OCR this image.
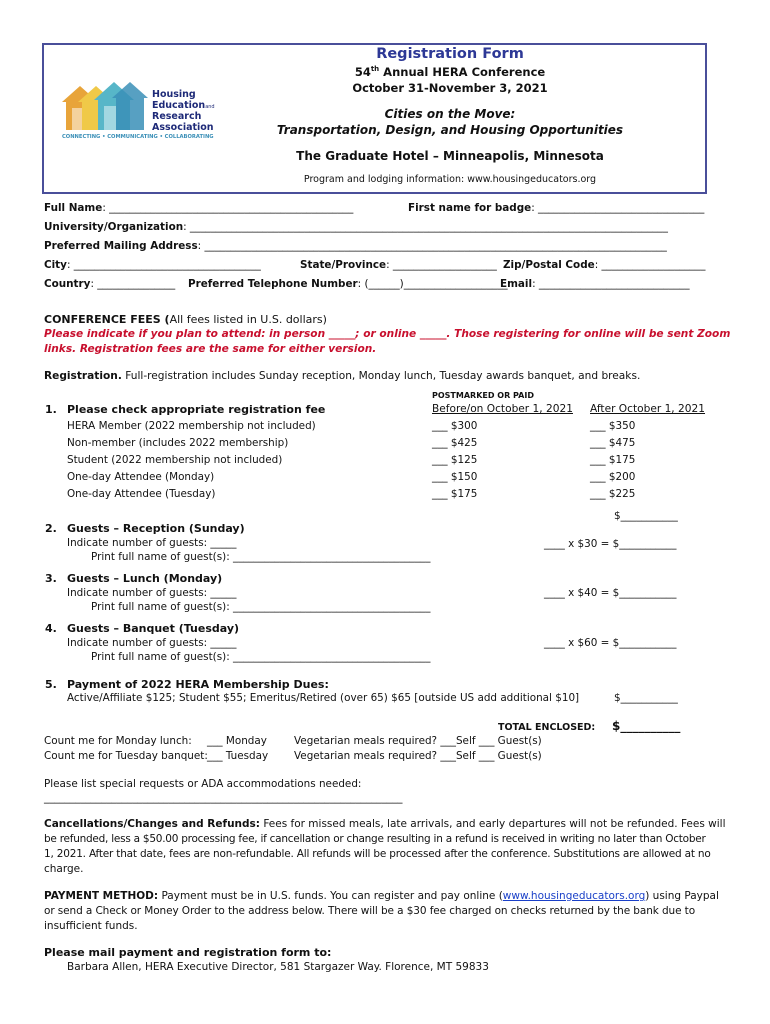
Housing
Educationand
Research
Association
CONNECTING • COMMUNICATING • COLLABORATING
Registration Form
54th Annual HERA Conference
October 31-November 3, 2021
Cities on the Move:
Transportation, Design, and Housing Opportunities
The Graduate Hotel – Minneapolis, Minnesota
Program and lodging information: www.housingeducators.org
Full Name: _______________________________________________	First name for badge: ________________________________
University/Organization: ____________________________________________________________________________________________
Preferred Mailing Address: _________________________________________________________________________________________
City: ____________________________________	State/Province: ____________________ Zip/Postal Code: ____________________
Country: _______________ Preferred Telephone Number: (______)____________________
Email: _____________________________
CONFERENCE FEES (All fees listed in U.S. dollars)
Please indicate if you plan to attend: in person _____; or online _____. Those registering for online will be sent Zoom
links. Registration fees are the same for either version.
Registration. Full-registration includes Sunday reception, Monday lunch, Tuesday awards banquet, and breaks.
POSTMARKED OR PAID
Before/on October 1, 2021 After October 1, 2021
1. Please check appropriate registration fee
HERA Member (2022 membership not included)	___ $300	___ $350
Non-member (includes 2022 membership)	___ $425	___ $475
Student (2022 membership not included)	___ $125	___ $175
One-day Attendee (Monday)	___ $150	___ $200
One-day Attendee (Tuesday)	___ $175	___ $225
$___________
2. Guests – Reception (Sunday)
Indicate number of guests: _____	____ x $30 = $___________
Print full name of guest(s): ______________________________________
3. Guests – Lunch (Monday)
Indicate number of guests: _____	____ x $40 = $___________
Print full name of guest(s): ______________________________________
4. Guests – Banquet (Tuesday)
Indicate number of guests: _____	____ x $60 = $___________
Print full name of guest(s): ______________________________________
5. Payment of 2022 HERA Membership Dues:
Active/Affiliate $125; Student $55; Emeritus/Retired (over 65) $65 [outside US add additional $10]	$___________
TOTAL ENCLOSED: $__________
Count me for Monday lunch: ___ Monday	Vegetarian meals required? ___Self ___ Guest(s)
Count me for Tuesday banquet: ___ Tuesday Vegetarian meals required? ___Self ___ Guest(s)
Please list special requests or ADA accommodations needed:
_____________________________________________________________________
Cancellations/Changes and Refunds: Fees for missed meals, late arrivals, and early departures will not be refunded. Fees will
be refunded, less a $50.00 processing fee, if cancellation or change resulting in a refund is received in writing no later than October
1, 2021. After that date, fees are non-refundable. All refunds will be processed after the conference. Substitutions are allowed at no
charge.
PAYMENT METHOD: Payment must be in U.S. funds. You can register and pay online (www.housingeducators.org) using Paypal
or send a Check or Money Order to the address below. There will be a $30 fee charged on checks returned by the bank due to
insufficient funds.
Please mail payment and registration form to:
Barbara Allen, HERA Executive Director, 581 Stargazer Way. Florence, MT 59833
